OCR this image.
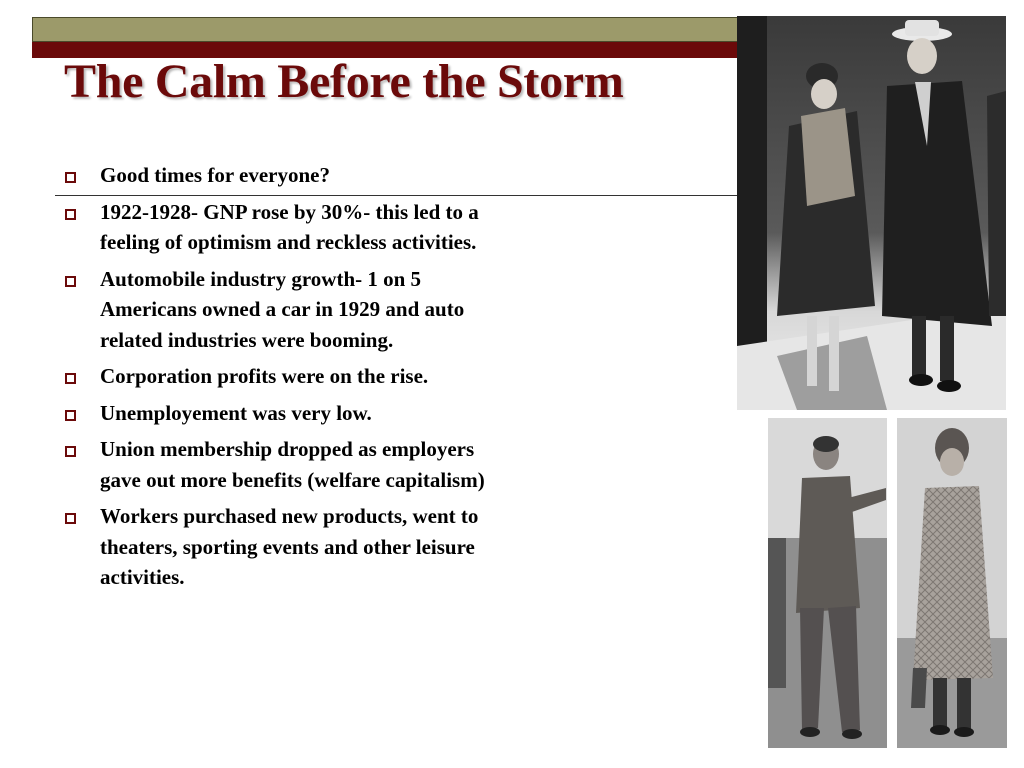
The Calm Before the Storm
Good times for everyone?
1922-1928- GNP rose by 30%- this led to a feeling of optimism and reckless activities.
Automobile industry growth- 1 on 5 Americans owned a car in 1929 and auto related industries were booming.
Corporation profits were on the rise.
Unemployement was very low.
Union membership dropped as employers gave out more benefits (welfare capitalism)
Workers purchased new products, went to theaters, sporting events and other leisure activities.
